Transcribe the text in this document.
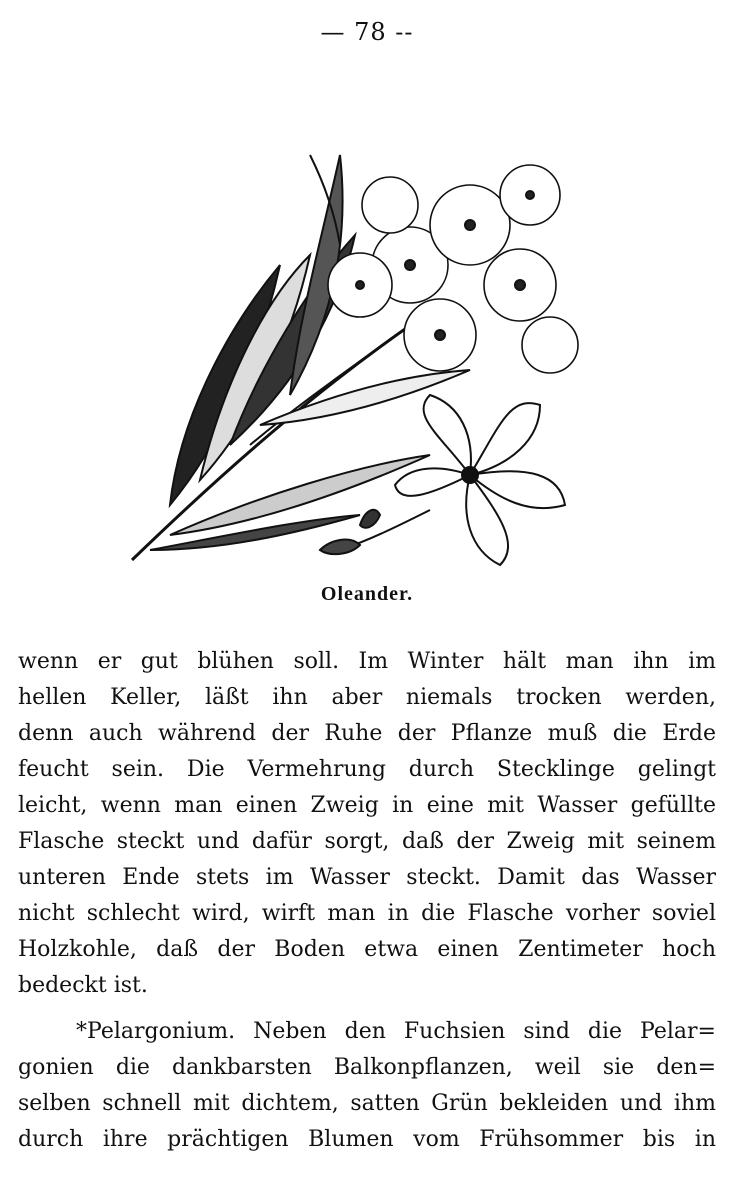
— 78 --
Oleander.
wenn er gut blühen soll. Im Winter hält man ihn im
hellen Keller, läßt ihn aber niemals trocken werden,
denn auch während der Ruhe der Pflanze muß die Erde
feucht sein. Die Vermehrung durch Stecklinge gelingt
leicht, wenn man einen Zweig in eine mit Wasser gefüllte
Flasche steckt und dafür sorgt, daß der Zweig mit seinem
unteren Ende stets im Wasser steckt. Damit das Wasser
nicht schlecht wird, wirft man in die Flasche vorher soviel
Holzkohle, daß der Boden etwa einen Zentimeter hoch
bedeckt ist.
*Pelargonium. Neben den Fuchsien sind die Pelar=
gonien die dankbarsten Balkonpflanzen, weil sie den=
selben schnell mit dichtem, satten Grün bekleiden und ihm
durch ihre prächtigen Blumen vom Frühsommer bis in
